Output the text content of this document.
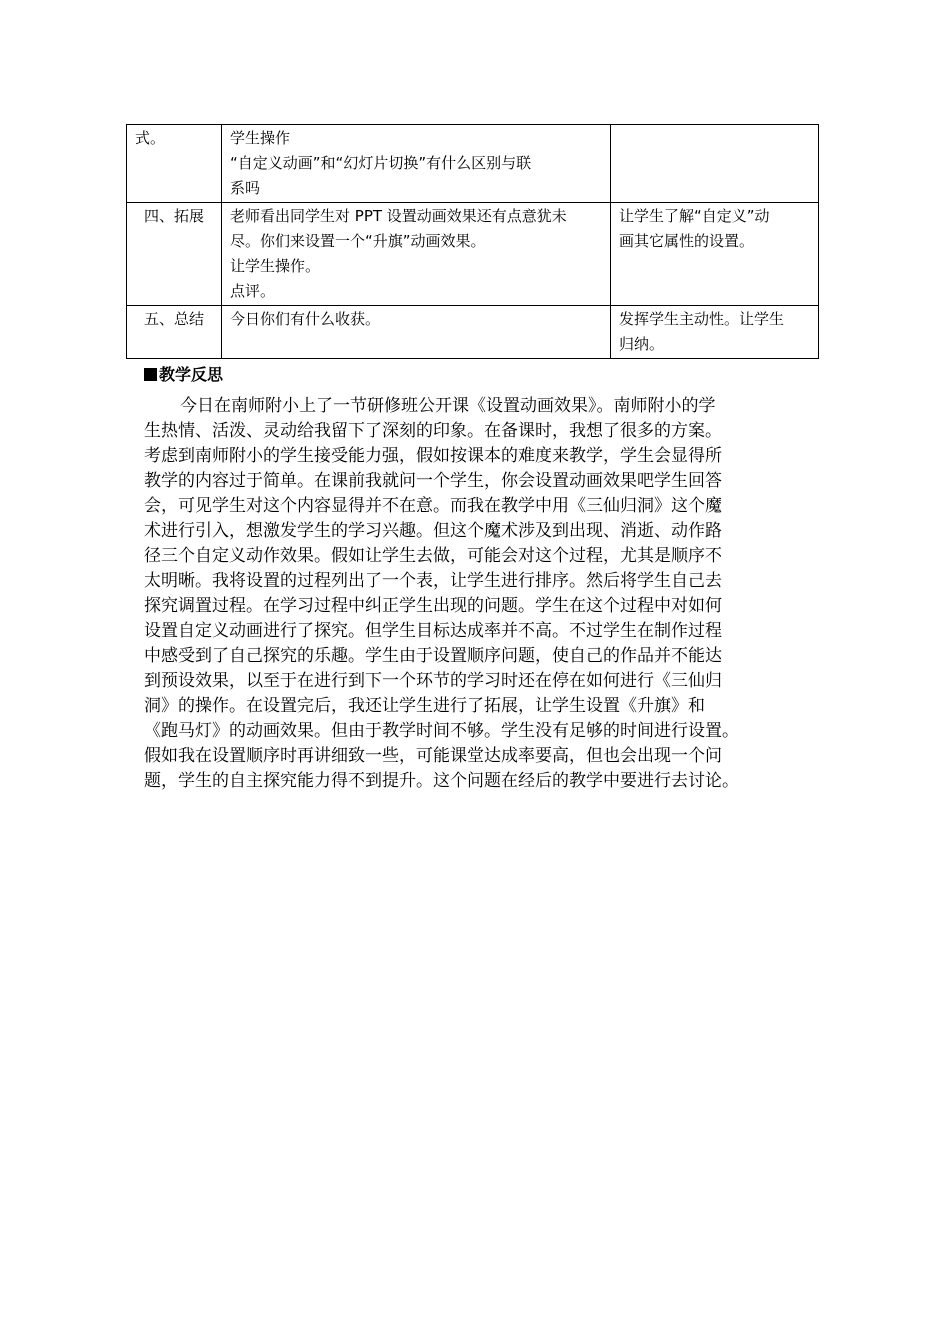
式。	学生操作
“自定义动画”和“幻灯片切换”有什么区别与联
系吗	

四、拓展	老师看出同学生对 PPT 设置动画效果还有点意犹未
尽。你们来设置一个“升旗”动画效果。
让学生操作。
点评。	让学生了解“自定义”动
画其它属性的设置。

五、总结	今日你们有什么收获。	发挥学生主动性。让学生
归纳。

教学反思

今日在南师附小上了一节研修班公开课《设置动画效果》。南师附小的学
生热情、活泼、灵动给我留下了深刻的印象。在备课时，我想了很多的方案。
考虑到南师附小的学生接受能力强，假如按课本的难度来教学，学生会显得所
教学的内容过于简单。在课前我就问一个学生，你会设置动画效果吧学生回答
会，可见学生对这个内容显得并不在意。而我在教学中用《三仙归洞》这个魔
术进行引入，想激发学生的学习兴趣。但这个魔术涉及到出现、消逝、动作路
径三个自定义动作效果。假如让学生去做，可能会对这个过程，尤其是顺序不
太明晰。我将设置的过程列出了一个表，让学生进行排序。然后将学生自己去
探究调置过程。在学习过程中纠正学生出现的问题。学生在这个过程中对如何
设置自定义动画进行了探究。但学生目标达成率并不高。不过学生在制作过程
中感受到了自己探究的乐趣。学生由于设置顺序问题，使自己的作品并不能达
到预设效果，以至于在进行到下一个环节的学习时还在停在如何进行《三仙归
洞》的操作。在设置完后，我还让学生进行了拓展，让学生设置《升旗》和
《跑马灯》的动画效果。但由于教学时间不够。学生没有足够的时间进行设置。
假如我在设置顺序时再讲细致一些，可能课堂达成率要高，但也会出现一个问
题，学生的自主探究能力得不到提升。这个问题在经后的教学中要进行去讨论。
